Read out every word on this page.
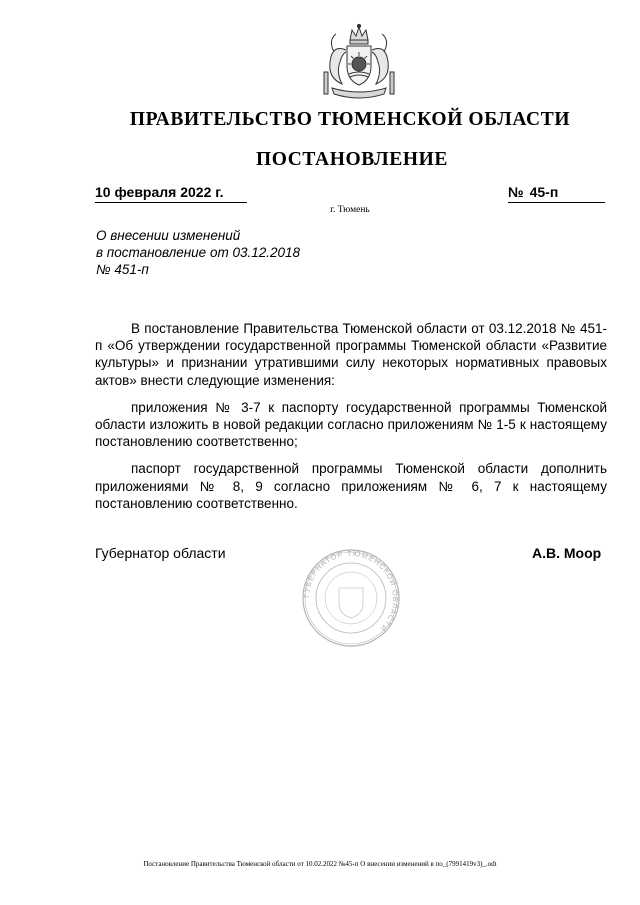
ПРАВИТЕЛЬСТВО ТЮМЕНСКОЙ ОБЛАСТИ
ПОСТАНОВЛЕНИЕ
10 февраля 2022 г.	№ 45-п
г. Тюмень
О внесении изменений
в постановление от 03.12.2018
№ 451-п

В постановление Правительства Тюменской области от 03.12.2018 № 451-п «Об утверждении государственной программы Тюменской области «Развитие культуры» и признании утратившими силу некоторых нормативных правовых актов» внести следующие изменения:

приложения № 3-7 к паспорту государственной программы Тюменской области изложить в новой редакции согласно приложениям № 1-5 к настоящему постановлению соответственно;

паспорт государственной программы Тюменской области дополнить приложениями № 8, 9 согласно приложениям № 6, 7 к настоящему постановлению соответственно.

ГУБЕРНАТОР ТЮМЕНСКОЙ ОБЛАСТИ
Губернатор области	А.В. Моор
Постановление Правительства Тюменской области от 10.02.2022 №45-п О внесении изменений в по_(7991419v3)_.odt
